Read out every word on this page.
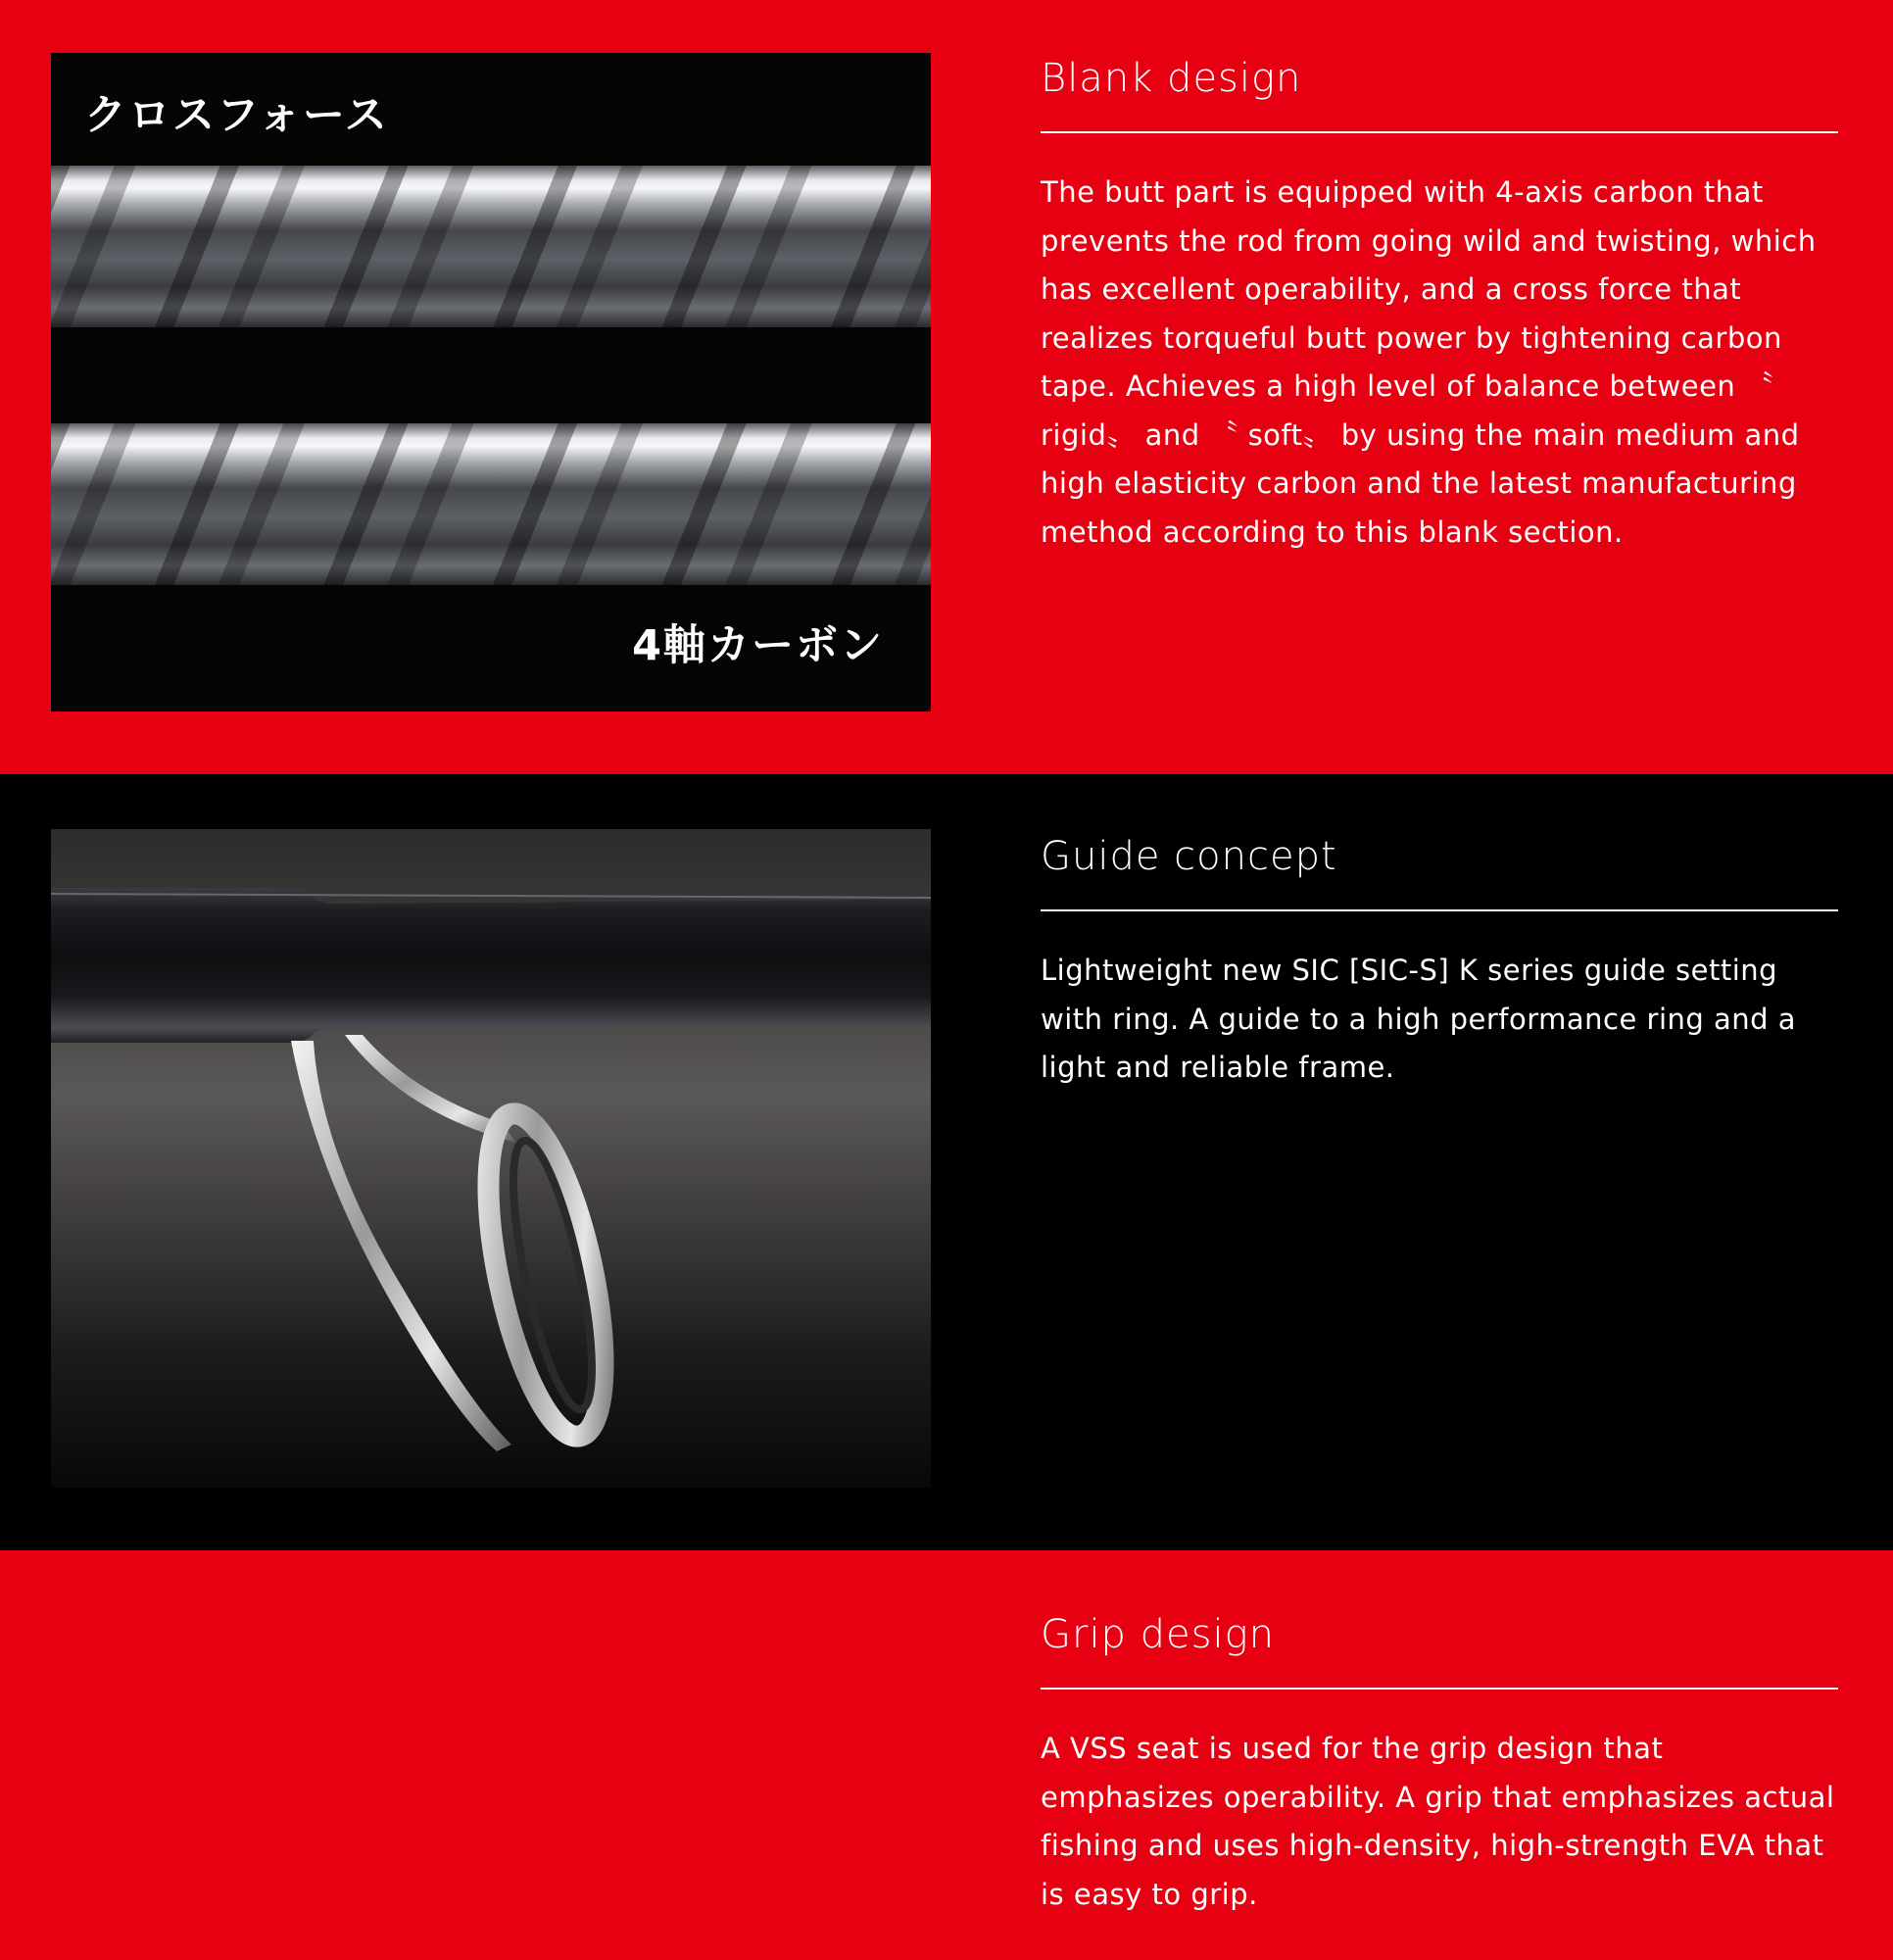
クロスフォース
4軸カーボン
Blank design

The butt part is equipped with 4-axis carbon that prevents the rod from going wild and twisting, which has excellent operability, and a cross force that realizes torqueful butt power by tightening carbon tape. Achieves a high level of balance between 〝 rigid〟 and 〝 soft〟 by using the main medium and high elasticity carbon and the latest manufacturing method according to this blank section.

Guide concept

Lightweight new SIC [SIC-S] K series guide setting with ring. A guide to a high performance ring and a light and reliable frame.

Grip design

A VSS seat is used for the grip design that emphasizes operability. A grip that emphasizes actual fishing and uses high-density, high-strength EVA that is easy to grip.
